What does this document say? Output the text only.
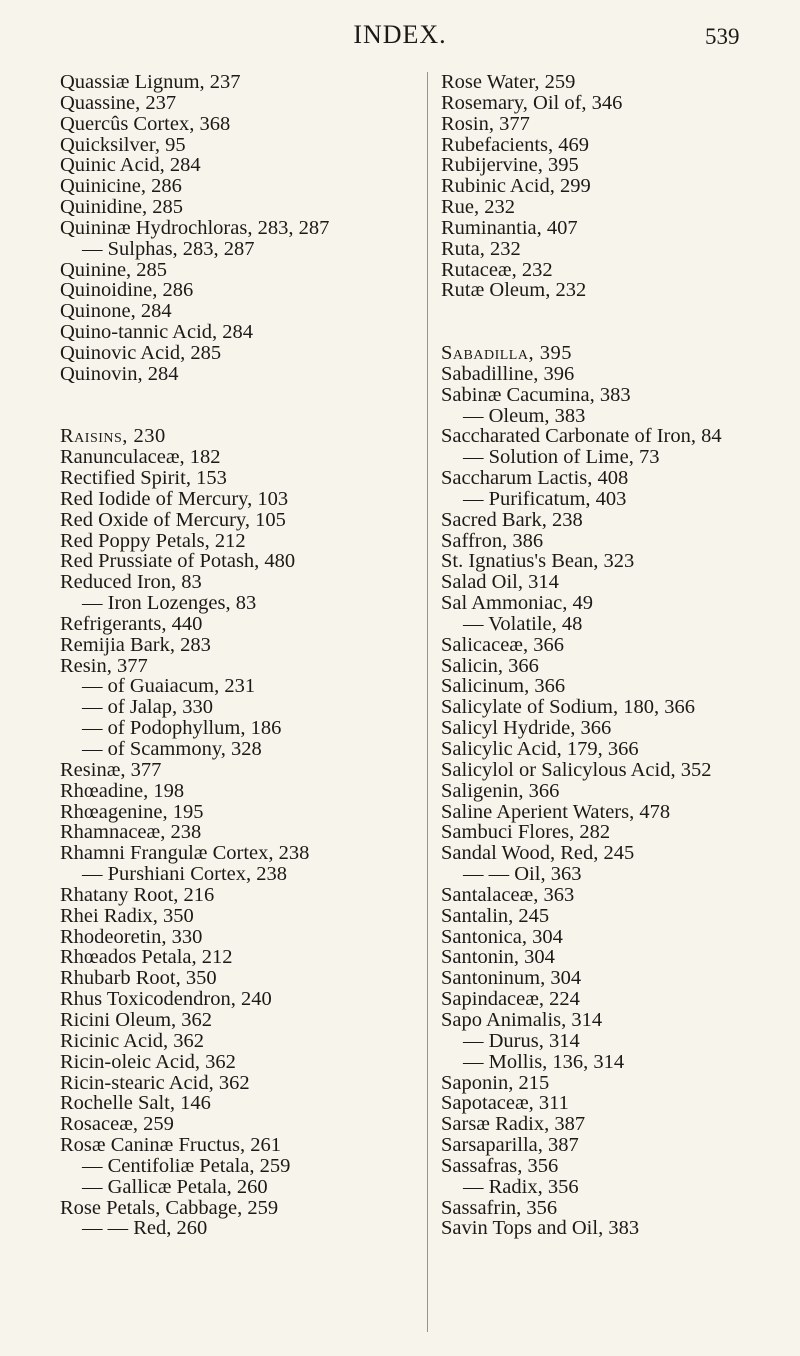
INDEX.	539
Quassiæ Lignum, 237
Quassine, 237
Quercûs Cortex, 368
Quicksilver, 95
Quinic Acid, 284
Quinicine, 286
Quinidine, 285
Quininæ Hydrochloras, 283, 287
— Sulphas, 283, 287
Quinine, 285
Quinoidine, 286
Quinone, 284
Quino-tannic Acid, 284
Quinovic Acid, 285
Quinovin, 284
Raisins, 230
Ranunculaceæ, 182
Rectified Spirit, 153
Red Iodide of Mercury, 103
Red Oxide of Mercury, 105
Red Poppy Petals, 212
Red Prussiate of Potash, 480
Reduced Iron, 83
— Iron Lozenges, 83
Refrigerants, 440
Remijia Bark, 283
Resin, 377
— of Guaiacum, 231
— of Jalap, 330
— of Podophyllum, 186
— of Scammony, 328
Resinæ, 377
Rhœadine, 198
Rhœagenine, 195
Rhamnaceæ, 238
Rhamni Frangulæ Cortex, 238
— Purshiani Cortex, 238
Rhatany Root, 216
Rhei Radix, 350
Rhodeoretin, 330
Rhœados Petala, 212
Rhubarb Root, 350
Rhus Toxicodendron, 240
Ricini Oleum, 362
Ricinic Acid, 362
Ricin-oleic Acid, 362
Ricin-stearic Acid, 362
Rochelle Salt, 146
Rosaceæ, 259
Rosæ Caninæ Fructus, 261
— Centifoliæ Petala, 259
— Gallicæ Petala, 260
Rose Petals, Cabbage, 259
— — Red, 260
Rose Water, 259
Rosemary, Oil of, 346
Rosin, 377
Rubefacients, 469
Rubijervine, 395
Rubinic Acid, 299
Rue, 232
Ruminantia, 407
Ruta, 232
Rutaceæ, 232
Rutæ Oleum, 232
Sabadilla, 395
Sabadilline, 396
Sabinæ Cacumina, 383
— Oleum, 383
Saccharated Carbonate of Iron, 84
— Solution of Lime, 73
Saccharum Lactis, 408
— Purificatum, 403
Sacred Bark, 238
Saffron, 386
St. Ignatius's Bean, 323
Salad Oil, 314
Sal Ammoniac, 49
— Volatile, 48
Salicaceæ, 366
Salicin, 366
Salicinum, 366
Salicylate of Sodium, 180, 366
Salicyl Hydride, 366
Salicylic Acid, 179, 366
Salicylol or Salicylous Acid, 352
Saligenin, 366
Saline Aperient Waters, 478
Sambuci Flores, 282
Sandal Wood, Red, 245
— — Oil, 363
Santalaceæ, 363
Santalin, 245
Santonica, 304
Santonin, 304
Santoninum, 304
Sapindaceæ, 224
Sapo Animalis, 314
— Durus, 314
— Mollis, 136, 314
Saponin, 215
Sapotaceæ, 311
Sarsæ Radix, 387
Sarsaparilla, 387
Sassafras, 356
— Radix, 356
Sassafrin, 356
Savin Tops and Oil, 383
